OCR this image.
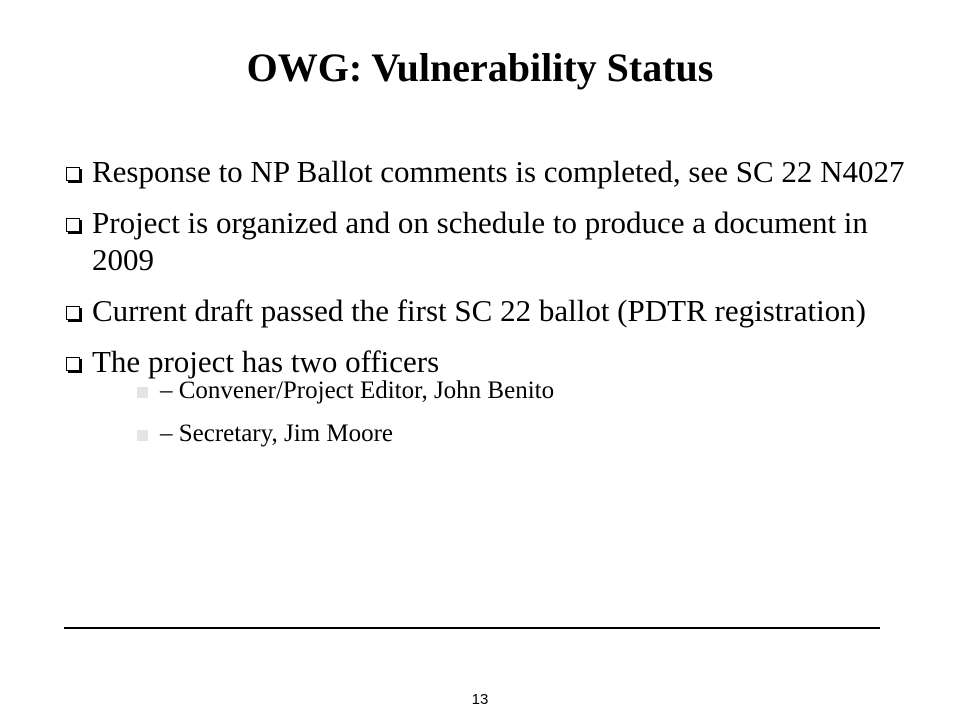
OWG: Vulnerability Status
Response to NP Ballot comments is completed, see SC 22 N4027
Project is organized and on schedule to produce a document in 2009
Current draft passed the first SC 22 ballot (PDTR registration)
The project has two officers
– Convener/Project Editor, John Benito
– Secretary, Jim Moore
13
